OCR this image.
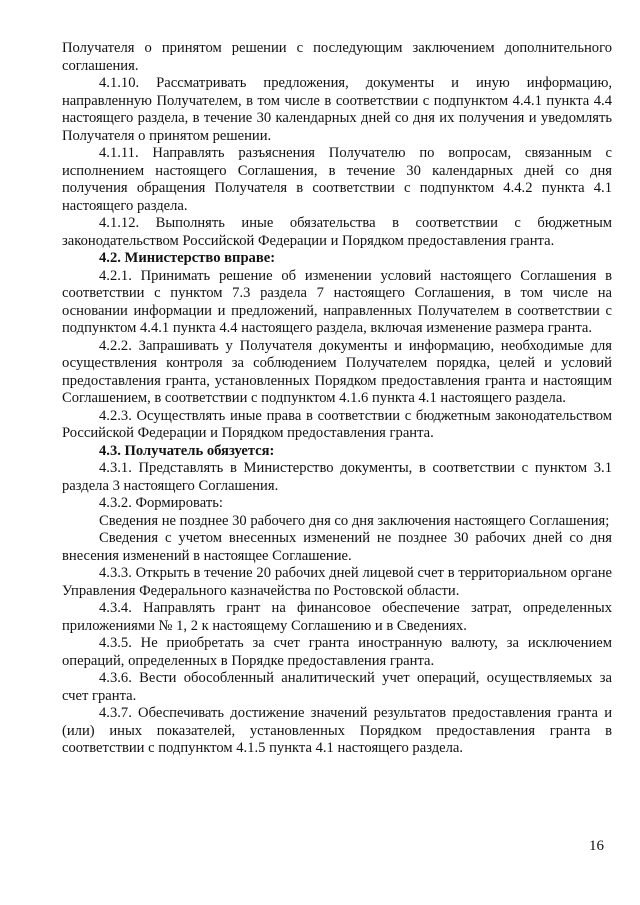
Получателя о принятом решении с последующим заключением дополнительного соглашения.

4.1.10. Рассматривать предложения, документы и иную информацию, направленную Получателем, в том числе в соответствии с подпунктом 4.4.1 пункта 4.4 настоящего раздела, в течение 30 календарных дней со дня их получения и уведомлять Получателя о принятом решении.

4.1.11. Направлять разъяснения Получателю по вопросам, связанным с исполнением настоящего Соглашения, в течение 30 календарных дней со дня получения обращения Получателя в соответствии с подпунктом 4.4.2 пункта 4.1 настоящего раздела.

4.1.12. Выполнять иные обязательства в соответствии с бюджетным законодательством Российской Федерации и Порядком предоставления гранта.

4.2. Министерство вправе:

4.2.1. Принимать решение об изменении условий настоящего Соглашения в соответствии с пунктом 7.3 раздела 7 настоящего Соглашения, в том числе на основании информации и предложений, направленных Получателем в соответствии с подпунктом 4.4.1 пункта 4.4 настоящего раздела, включая изменение размера гранта.

4.2.2. Запрашивать у Получателя документы и информацию, необходимые для осуществления контроля за соблюдением Получателем порядка, целей и условий предоставления гранта, установленных Порядком предоставления гранта и настоящим Соглашением, в соответствии с подпунктом 4.1.6 пункта 4.1 настоящего раздела.

4.2.3. Осуществлять иные права в соответствии с бюджетным законодательством Российской Федерации и Порядком предоставления гранта.

4.3. Получатель обязуется:

4.3.1. Представлять в Министерство документы, в соответствии с пунктом 3.1 раздела 3 настоящего Соглашения.

4.3.2. Формировать:

Сведения не позднее 30 рабочего дня со дня заключения настоящего Соглашения;

Сведения с учетом внесенных изменений не позднее 30 рабочих дней со дня внесения изменений в настоящее Соглашение.

4.3.3. Открыть в течение 20 рабочих дней лицевой счет в территориальном органе Управления Федерального казначейства по Ростовской области.

4.3.4. Направлять грант на финансовое обеспечение затрат, определенных приложениями № 1, 2 к настоящему Соглашению и в Сведениях.

4.3.5. Не приобретать за счет гранта иностранную валюту, за исключением операций, определенных в Порядке предоставления гранта.

4.3.6. Вести обособленный аналитический учет операций, осуществляемых за счет гранта.

4.3.7. Обеспечивать достижение значений результатов предоставления гранта и (или) иных показателей, установленных Порядком предоставления гранта в соответствии с подпунктом 4.1.5 пункта 4.1 настоящего раздела.

16
